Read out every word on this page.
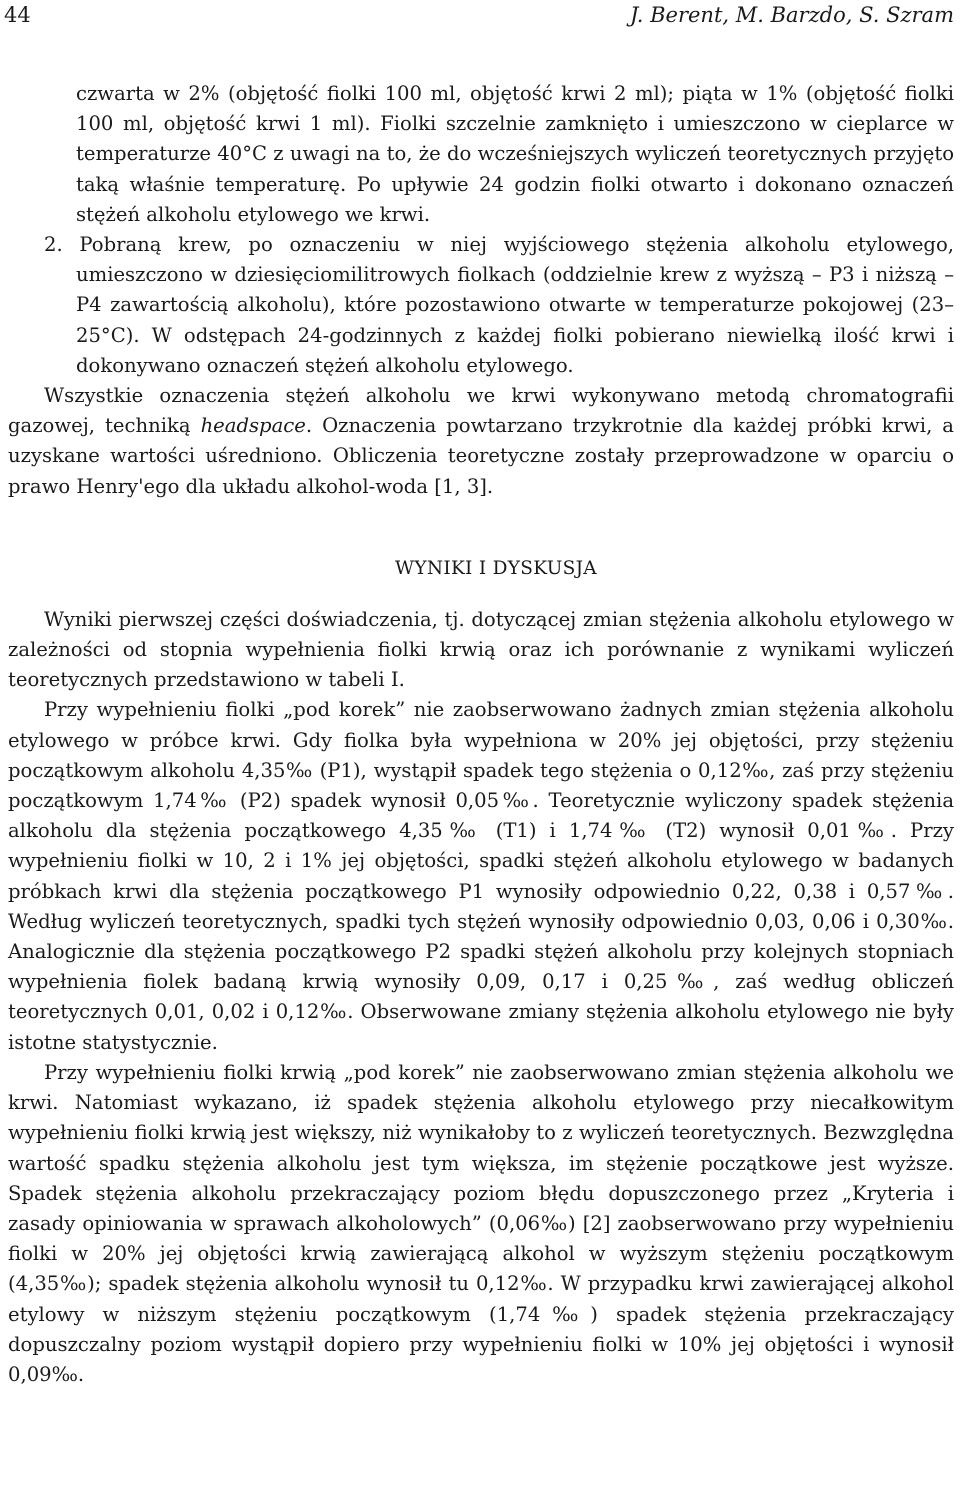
44	J. Berent, M. Barzdo, S. Szram

czwarta w 2% (objętość fiolki 100 ml, objętość krwi 2 ml); piąta w 1% (objętość fiolki 100 ml, objętość krwi 1 ml). Fiolki szczelnie zamknięto i umieszczono w cieplarce w temperaturze 40°C z uwagi na to, że do wcześniejszych wyliczeń teoretycznych przyjęto taką właśnie temperaturę. Po upływie 24 godzin fiolki otwarto i dokonano oznaczeń stężeń alkoholu etylowego we krwi.

2. Pobraną krew, po oznaczeniu w niej wyjściowego stężenia alkoholu etylowego, umieszczono w dziesięciomilitrowych fiolkach (oddzielnie krew z wyższą – P3 i niższą – P4 zawartością alkoholu), które pozostawiono otwarte w temperaturze pokojowej (23–25°C). W odstępach 24-godzinnych z każdej fiolki pobierano niewielką ilość krwi i dokonywano oznaczeń stężeń alkoholu etylowego.

Wszystkie oznaczenia stężeń alkoholu we krwi wykonywano metodą chromatografii gazowej, techniką headspace. Oznaczenia powtarzano trzykrotnie dla każdej próbki krwi, a uzyskane wartości uśredniono. Obliczenia teoretyczne zostały przeprowadzone w oparciu o prawo Henry'ego dla układu alkohol-woda [1, 3].

WYNIKI I DYSKUSJA

Wyniki pierwszej części doświadczenia, tj. dotyczącej zmian stężenia alkoholu etylowego w zależności od stopnia wypełnienia fiolki krwią oraz ich porównanie z wynikami wyliczeń teoretycznych przedstawiono w tabeli I.

Przy wypełnieniu fiolki „pod korek” nie zaobserwowano żadnych zmian stężenia alkoholu etylowego w próbce krwi. Gdy fiolka była wypełniona w 20% jej objętości, przy stężeniu początkowym alkoholu 4,35‰ (P1), wystąpił spadek tego stężenia o 0,12‰, zaś przy stężeniu początkowym 1,74‰ (P2) spadek wynosił 0,05‰. Teoretycznie wyliczony spadek stężenia alkoholu dla stężenia początkowego 4,35‰ (T1) i 1,74‰ (T2) wynosił 0,01‰. Przy wypełnieniu fiolki w 10, 2 i 1% jej objętości, spadki stężeń alkoholu etylowego w badanych próbkach krwi dla stężenia początkowego P1 wynosiły odpowiednio 0,22, 0,38 i 0,57‰. Według wyliczeń teoretycznych, spadki tych stężeń wynosiły odpowiednio 0,03, 0,06 i 0,30‰. Analogicznie dla stężenia początkowego P2 spadki stężeń alkoholu przy kolejnych stopniach wypełnienia fiolek badaną krwią wynosiły 0,09, 0,17 i 0,25‰, zaś według obliczeń teoretycznych 0,01, 0,02 i 0,12‰. Obserwowane zmiany stężenia alkoholu etylowego nie były istotne statystycznie.

Przy wypełnieniu fiolki krwią „pod korek” nie zaobserwowano zmian stężenia alkoholu we krwi. Natomiast wykazano, iż spadek stężenia alkoholu etylowego przy niecałkowitym wypełnieniu fiolki krwią jest większy, niż wynikałoby to z wyliczeń teoretycznych. Bezwzględna wartość spadku stężenia alkoholu jest tym większa, im stężenie początkowe jest wyższe. Spadek stężenia alkoholu przekraczający poziom błędu dopuszczonego przez „Kryteria i zasady opiniowania w sprawach alkoholowych” (0,06‰) [2] zaobserwowano przy wypełnieniu fiolki w 20% jej objętości krwią zawierającą alkohol w wyższym stężeniu początkowym (4,35‰); spadek stężenia alkoholu wynosił tu 0,12‰. W przypadku krwi zawierającej alkohol etylowy w niższym stężeniu początkowym (1,74‰) spadek stężenia przekraczający dopuszczalny poziom wystąpił dopiero przy wypełnieniu fiolki w 10% jej objętości i wynosił 0,09‰.
